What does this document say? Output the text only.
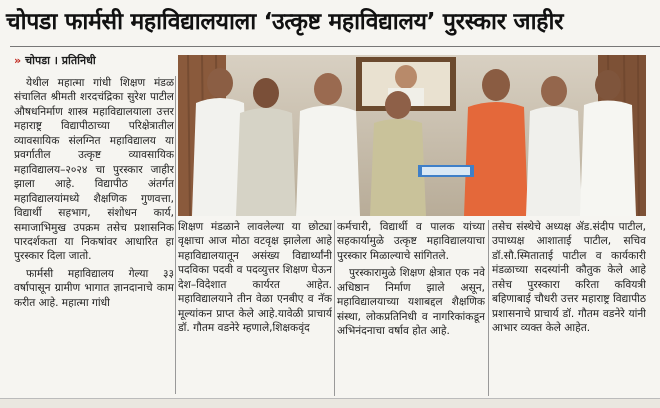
चोपडा फार्मसी महाविद्यालयाला ‘उत्कृष्ट महाविद्यालय’ पुरस्कार जाहीर
» चोपडा । प्रतिनिधी

येथील महात्मा गांधी शिक्षण मंडळ संचालित श्रीमती शरदचंद्रिका सुरेश पाटील औषधनिर्माण शास्त्र महाविद्यालयाला उत्तर महाराष्ट्र विद्यापीठाच्या परिक्षेत्रातील व्यावसायिक संलग्नित महाविद्यालय या प्रवर्गातील उत्कृष्ट व्यावसायिक महाविद्यालय–२०२४ चा पुरस्कार जाहीर झाला आहे. विद्यापीठ अंतर्गत महाविद्यालयांमध्ये शैक्षणिक गुणवत्ता, विद्यार्थी सहभाग, संशोधन कार्य, समाजाभिमुख उपक्रम तसेच प्रशासनिक पारदर्शकता या निकषांवर आधारित हा पुरस्कार दिला जातो.

फार्मसी महाविद्यालय गेल्या ३३ वर्षापासून ग्रामीण भागात ज्ञानदानाचे काम करीत आहे. महात्मा गांधी

शिक्षण मंडळाने लावलेल्या या छोट्या वृक्षाचा आज मोठा वटवृक्ष झालेला आहे महाविद्यालयातून असंख्य विद्यार्थ्यांनी पदविका पदवी व पदव्युत्तर शिक्षण घेऊन देश–विदेशात कार्यरत आहेत. महाविद्यालयाने तीन वेळा एनबीए व नॅक मूल्यांकन प्राप्त केले आहे.यावेळी प्राचार्य डॉ. गौतम वडनेरे म्हणाले,शिक्षकवृंद

कर्मचारी, विद्यार्थी व पालक यांच्या सहकार्यामुळे उत्कृष्ट महाविद्यालयाचा पुरस्कार मिळाल्याचे सांगितले.

पुरस्कारामुळे शिक्षण क्षेत्रात एक नवे अधिष्ठान निर्माण झाले असून, महाविद्यालयाच्या यशाबद्दल शैक्षणिक संस्था, लोकप्रतिनिधी व नागरिकांकडून अभिनंदनाचा वर्षाव होत आहे.

तसेच संस्थेचे अध्यक्ष ॲड.संदीप पाटील, उपाध्यक्ष आशाताई पाटील, सचिव डॉ.सौ.स्मिताताई पाटील व कार्यकारी मंडळाच्या सदस्यांनी कौतुक केले आहे तसेच पुरस्कारा करिता कवियत्री बहिणाबाई चौधरी उत्तर महाराष्ट्र विद्यापीठ प्रशासनाचे प्राचार्य डॉ. गौतम वडनेरे यांनी आभार व्यक्त केले आहेत.
